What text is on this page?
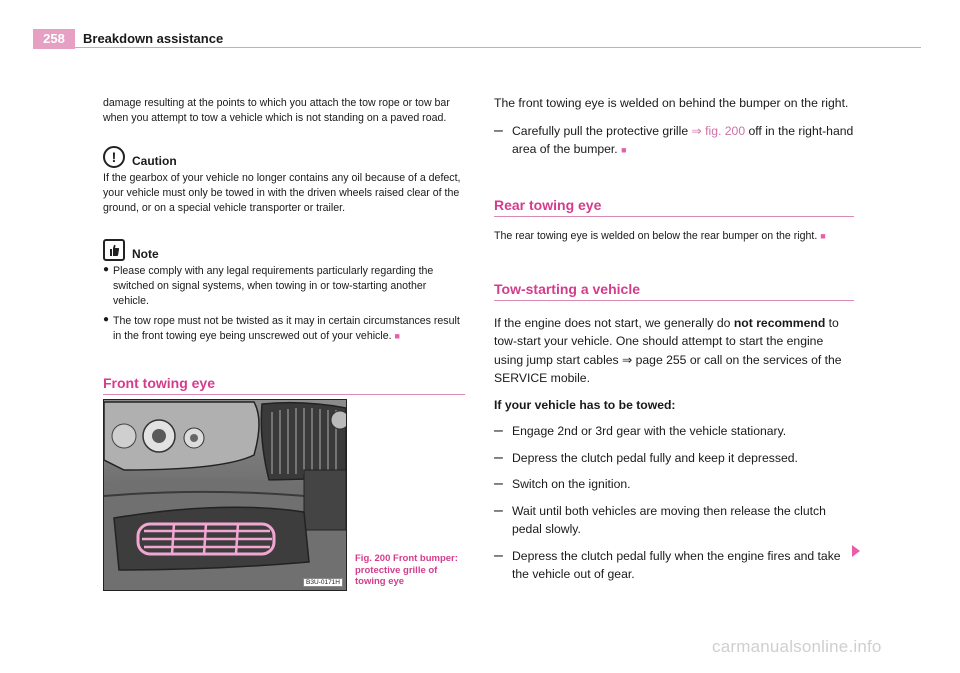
258	Breakdown assistance

damage resulting at the points to which you attach the tow rope or tow bar when you attempt to tow a vehicle which is not standing on a paved road.

!	Caution

If the gearbox of your vehicle no longer contains any oil because of a defect, your vehicle must only be towed in with the driven wheels raised clear of the ground, or on a special vehicle transporter or trailer.

Note
● Please comply with any legal requirements particularly regarding the switched on signal systems, when towing in or tow-starting another vehicle.

● The tow rope must not be twisted as it may in certain circumstances result in the front towing eye being unscrewed out of your vehicle. ■

Front towing eye
B3U-0171H
Fig. 200 Front bumper: protective grille of towing eye

The front towing eye is welded on behind the bumper on the right.

– Carefully pull the protective grille ⇒ fig. 200 off in the right-hand area of the bumper. ■

Rear towing eye

The rear towing eye is welded on below the rear bumper on the right. ■

Tow-starting a vehicle

If the engine does not start, we generally do not recommend to tow-start your vehicle. One should attempt to start the engine using jump start cables ⇒ page 255 or call on the services of the SERVICE mobile.

If your vehicle has to be towed:

– Engage 2nd or 3rd gear with the vehicle stationary.

– Depress the clutch pedal fully and keep it depressed.

– Switch on the ignition.

– Wait until both vehicles are moving then release the clutch pedal slowly.

– Depress the clutch pedal fully when the engine fires and take the vehicle out of gear.

carmanualsonline.info
